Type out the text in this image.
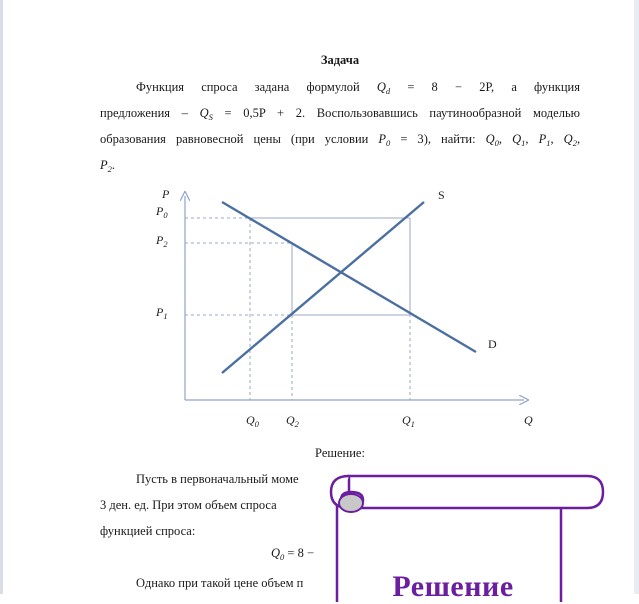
Задача
Функция спроса задана формулой $Q_d = 8 - 2P$, а функция
предложения – $Q_S = 0,5P + 2$. Воспользовавшись паутинообразной моделью
образования равновесной цены (при условии $P_0 = 3$), найти: $Q_0$, $Q_1$, $P_1$, $Q_2$,
$P_2$.
P
Q
S
D
$P_0$
$P_2$
$P_1$
$Q_0$ $Q_2$	$Q_1$
Решение:
Пусть в первоначальный моме
3 ден. ед. При этом объем спроса
функцией спроса:
$Q_0 = 8$ −
Однако при такой цене объем п	Решение
